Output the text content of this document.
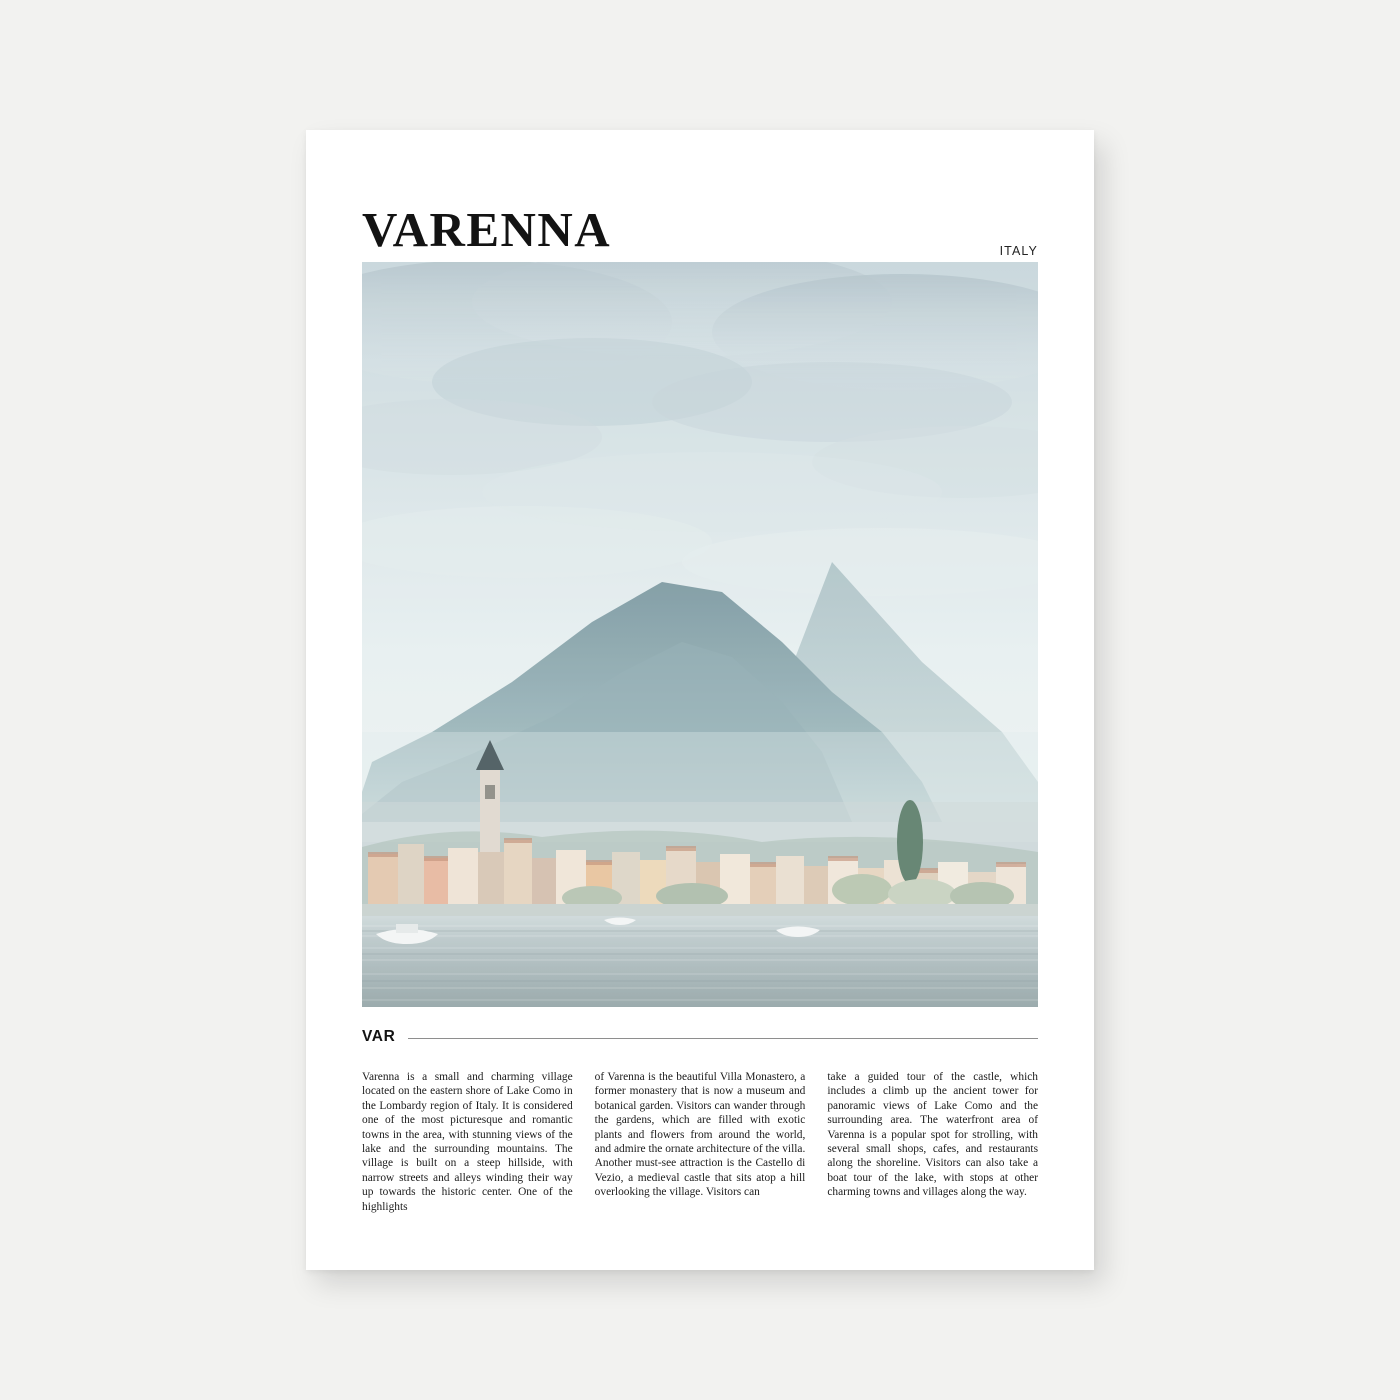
VARENNA	ITALY
VAR
Varenna is a small and charming village located on the eastern shore of Lake Como in the Lombardy region of Italy. It is considered one of the most picturesque and romantic towns in the area, with stunning views of the lake and the surrounding mountains. The village is built on a steep hillside, with narrow streets and alleys winding their way up towards the historic center. One of the highlights
of Varenna is the beautiful Villa Monastero, a former monastery that is now a museum and botanical garden. Visitors can wander through the gardens, which are filled with exotic plants and flowers from around the world, and admire the ornate architecture of the villa. Another must-see attraction is the Castello di Vezio, a medieval castle that sits atop a hill overlooking the village. Visitors can
take a guided tour of the castle, which includes a climb up the ancient tower for panoramic views of Lake Como and the surrounding area. The waterfront area of Varenna is a popular spot for strolling, with several small shops, cafes, and restaurants along the shoreline. Visitors can also take a boat tour of the lake, with stops at other charming towns and villages along the way.
